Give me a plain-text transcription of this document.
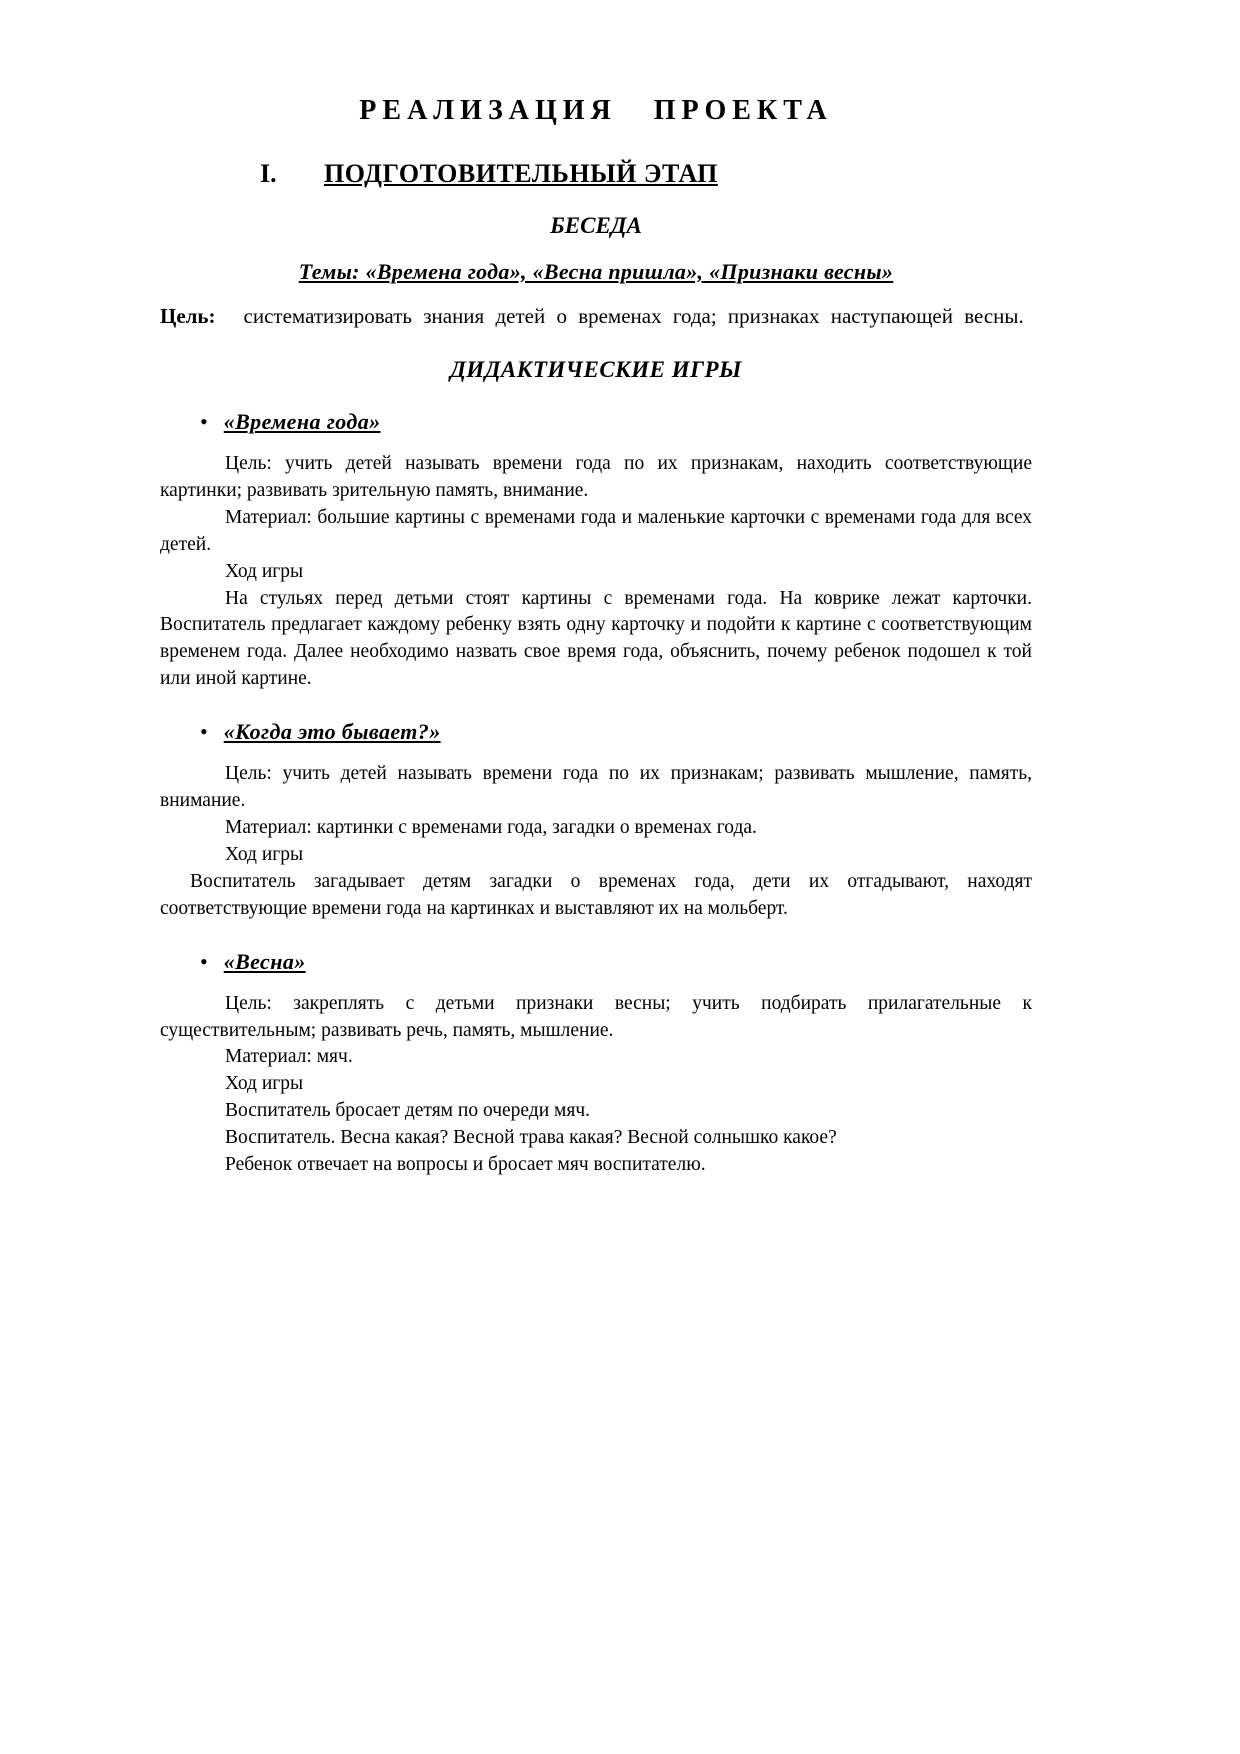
РЕАЛИЗАЦИЯ ПРОЕКТА
I. ПОДГОТОВИТЕЛЬНЫЙ ЭТАП
БЕСЕДА
Темы: «Времена года», «Весна пришла», «Признаки весны»

Цель: систематизировать знания детей о временах года; признаках наступающей весны.

ДИДАКТИЧЕСКИЕ ИГРЫ
•
«Времена года»

Цель: учить детей называть времени года по их признакам, находить соответствующие картинки; развивать зрительную память, внимание.

Материал: большие картины с временами года и маленькие карточки с временами года для всех детей.

Ход игры

На стульях перед детьми стоят картины с временами года. На коврике лежат карточки. Воспитатель предлагает каждому ребенку взять одну карточку и подойти к картине с соответствующим временем года. Далее необходимо назвать свое время года, объяснить, почему ребенок подошел к той или иной картине.

•
«Когда это бывает?»

Цель: учить детей называть времени года по их признакам; развивать мышление, память, внимание.

Материал: картинки с временами года, загадки о временах года.

Ход игры

Воспитатель загадывает детям загадки о временах года, дети их отгадывают, находят соответствующие времени года на картинках и выставляют их на мольберт.

•
«Весна»

Цель: закреплять с детьми признаки весны; учить подбирать прилагательные к существительным; развивать речь, память, мышление.

Материал: мяч.

Ход игры

Воспитатель бросает детям по очереди мяч.

Воспитатель. Весна какая? Весной трава какая? Весной солнышко какое?

Ребенок отвечает на вопросы и бросает мяч воспитателю.
